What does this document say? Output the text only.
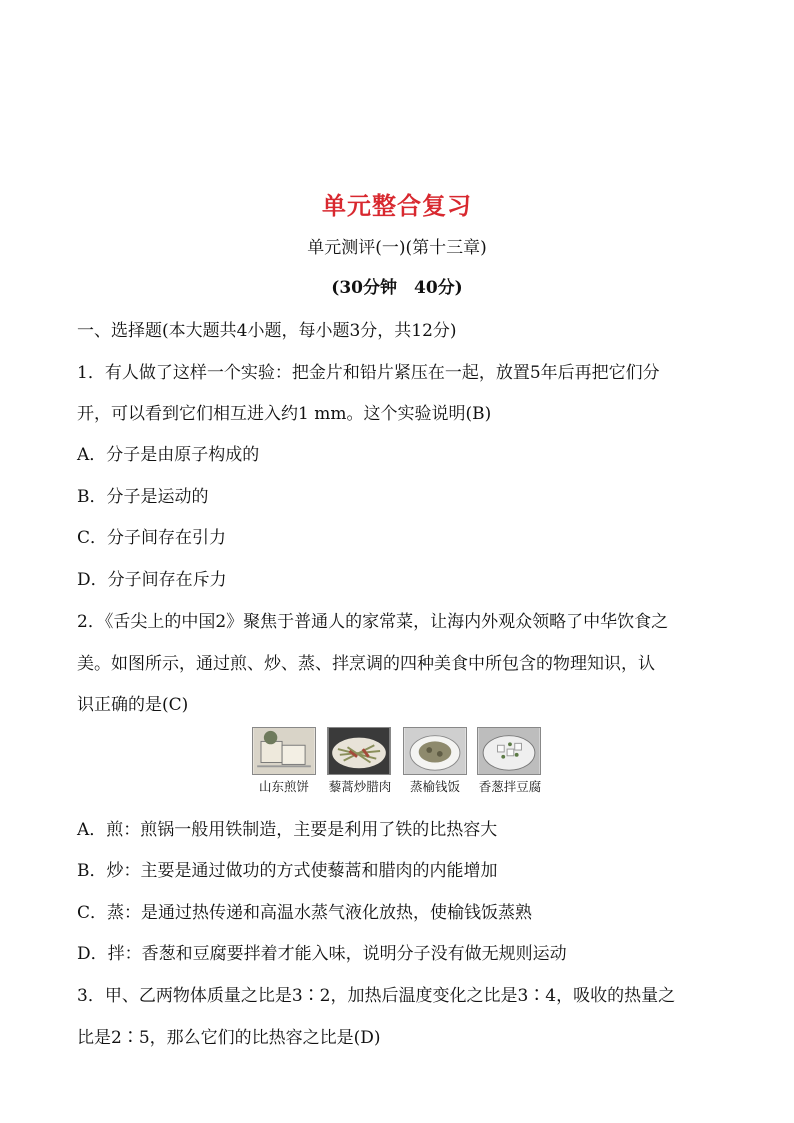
单元整合复习
单元测评(一)(第十三章)
(30分钟　40分)
一、选择题(本大题共4小题，每小题3分，共12分)
1．有人做了这样一个实验：把金片和铅片紧压在一起，放置5年后再把它们分
开，可以看到它们相互进入约1 mm。这个实验说明(B)
A．分子是由原子构成的
B．分子是运动的
C．分子间存在引力
D．分子间存在斥力
2．《舌尖上的中国2》聚焦于普通人的家常菜，让海内外观众领略了中华饮食之
美。如图所示，通过煎、炒、蒸、拌烹调的四种美食中所包含的物理知识，认
识正确的是(C)
山东煎饼	藜蒿炒腊肉	蒸榆钱饭	香葱拌豆腐
A．煎：煎锅一般用铁制造，主要是利用了铁的比热容大
B．炒：主要是通过做功的方式使藜蒿和腊肉的内能增加
C．蒸：是通过热传递和高温水蒸气液化放热，使榆钱饭蒸熟
D．拌：香葱和豆腐要拌着才能入味，说明分子没有做无规则运动
3．甲、乙两物体质量之比是3∶2，加热后温度变化之比是3∶4，吸收的热量之
比是2∶5，那么它们的比热容之比是(D)
